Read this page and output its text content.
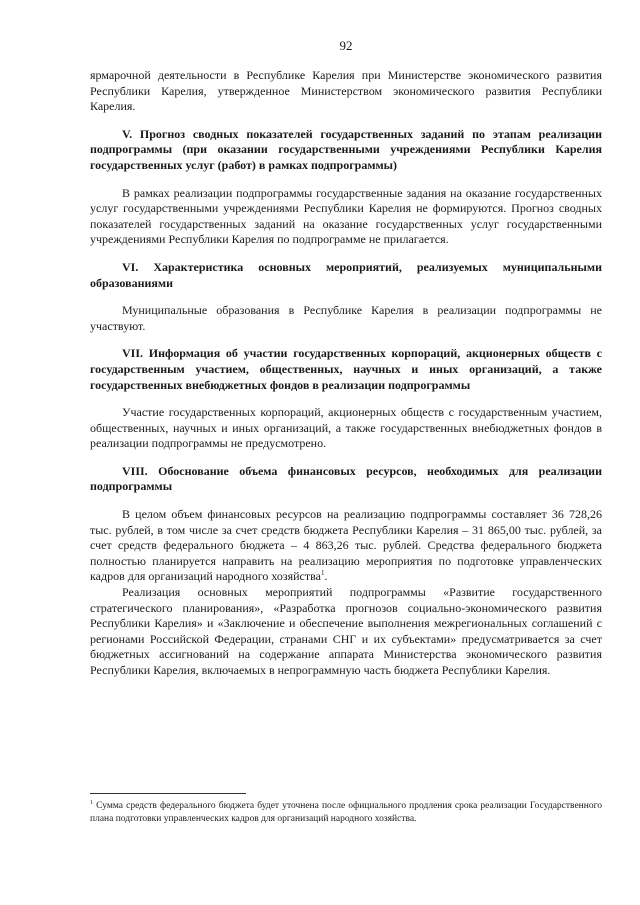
92

ярмарочной деятельности в Республике Карелия при Министерстве экономического развития Республики Карелия, утвержденное Министерством экономического развития Республики Карелия.

V. Прогноз сводных показателей государственных заданий по этапам реализации подпрограммы (при оказании государственными учреждениями Республики Карелия государственных услуг (работ) в рамках подпрограммы)

В рамках реализации подпрограммы государственные задания на оказание государственных услуг государственными учреждениями Республики Карелия не формируются. Прогноз сводных показателей государственных заданий на оказание государственных услуг государственными учреждениями Республики Карелия по подпрограмме не прилагается.

VI. Характеристика основных мероприятий, реализуемых муниципальными образованиями

Муниципальные образования в Республике Карелия в реализации подпрограммы не участвуют.

VII. Информация об участии государственных корпораций, акционерных обществ с государственным участием, общественных, научных и иных организаций, а также государственных внебюджетных фондов в реализации подпрограммы

Участие государственных корпораций, акционерных обществ с государственным участием, общественных, научных и иных организаций, а также государственных внебюджетных фондов в реализации подпрограммы не предусмотрено.

VIII. Обоснование объема финансовых ресурсов, необходимых для реализации подпрограммы

В целом объем финансовых ресурсов на реализацию подпрограммы составляет 36 728,26 тыс. рублей, в том числе за счет средств бюджета Республики Карелия – 31 865,00 тыс. рублей, за счет средств федерального бюджета – 4 863,26 тыс. рублей. Средства федерального бюджета полностью планируется направить на реализацию мероприятия по подготовке управленческих кадров для организаций народного хозяйства$^1$.

Реализация основных мероприятий подпрограммы «Развитие государственного стратегического планирования», «Разработка прогнозов социально-экономического развития Республики Карелия» и «Заключение и обеспечение выполнения межрегиональных соглашений с регионами Российской Федерации, странами СНГ и их субъектами» предусматривается за счет бюджетных ассигнований на содержание аппарата Министерства экономического развития Республики Карелия, включаемых в непрограммную часть бюджета Республики Карелия.

$^1$ Сумма средств федерального бюджета будет уточнена после официального продления срока реализации Государственного плана подготовки управленческих кадров для организаций народного хозяйства.
